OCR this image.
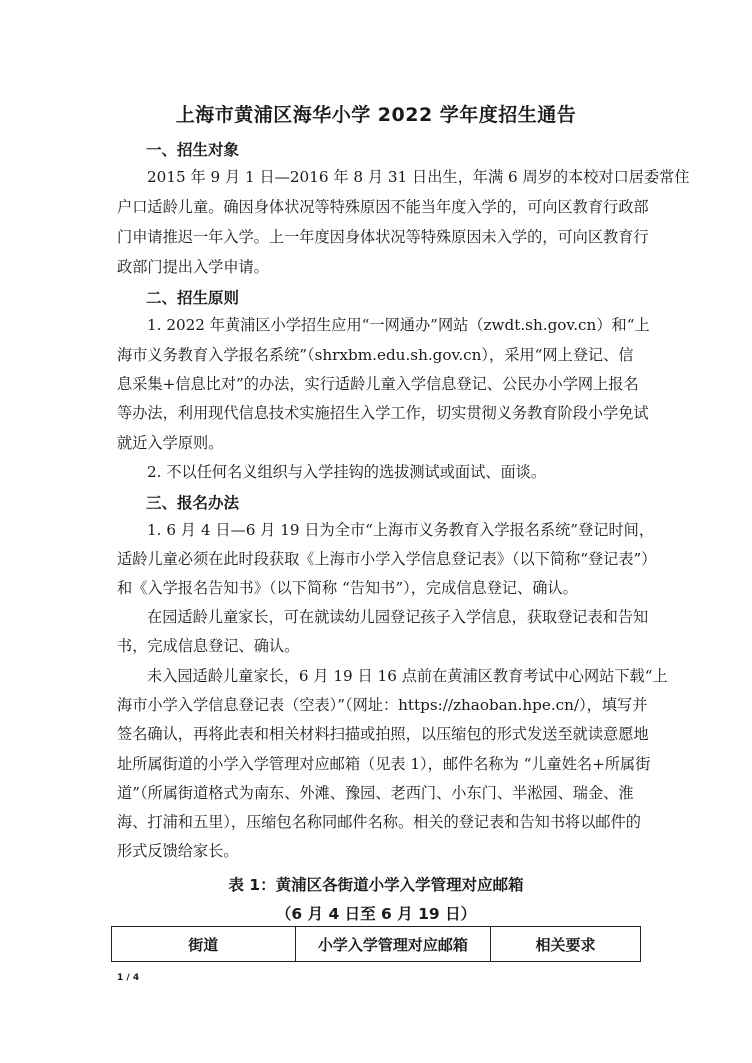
上海市黄浦区海华小学 2022 学年度招生通告
一、招生对象
2015 年 9 月 1 日—2016 年 8 月 31 日出生，年满 6 周岁的本校对口居委常住
户口适龄儿童。确因身体状况等特殊原因不能当年度入学的，可向区教育行政部
门申请推迟一年入学。上一年度因身体状况等特殊原因未入学的，可向区教育行
政部门提出入学申请。
二、招生原则
1. 2022 年黄浦区小学招生应用“一网通办”网站（zwdt.sh.gov.cn）和“上
海市义务教育入学报名系统”（shrxbm.edu.sh.gov.cn），采用“网上登记、信
息采集+信息比对”的办法，实行适龄儿童入学信息登记、公民办小学网上报名
等办法，利用现代信息技术实施招生入学工作，切实贯彻义务教育阶段小学免试
就近入学原则。
2. 不以任何名义组织与入学挂钩的选拔测试或面试、面谈。
三、报名办法
1. 6 月 4 日—6 月 19 日为全市“上海市义务教育入学报名系统”登记时间，
适龄儿童必须在此时段获取《上海市小学入学信息登记表》（以下简称“登记表”）
和《入学报名告知书》（以下简称 “告知书”），完成信息登记、确认。
在园适龄儿童家长，可在就读幼儿园登记孩子入学信息，获取登记表和告知
书，完成信息登记、确认。
未入园适龄儿童家长，6 月 19 日 16 点前在黄浦区教育考试中心网站下载“上
海市小学入学信息登记表（空表）”（网址：https://zhaoban.hpe.cn/），填写并
签名确认，再将此表和相关材料扫描或拍照，以压缩包的形式发送至就读意愿地
址所属街道的小学入学管理对应邮箱（见表 1），邮件名称为 “儿童姓名+所属街
道”（所属街道格式为南东、外滩、豫园、老西门、小东门、半淞园、瑞金、淮
海、打浦和五里），压缩包名称同邮件名称。相关的登记表和告知书将以邮件的
形式反馈给家长。
表 1：黄浦区各街道小学入学管理对应邮箱
（6 月 4 日至 6 月 19 日）
街道	小学入学管理对应邮箱	相关要求
1 / 4
